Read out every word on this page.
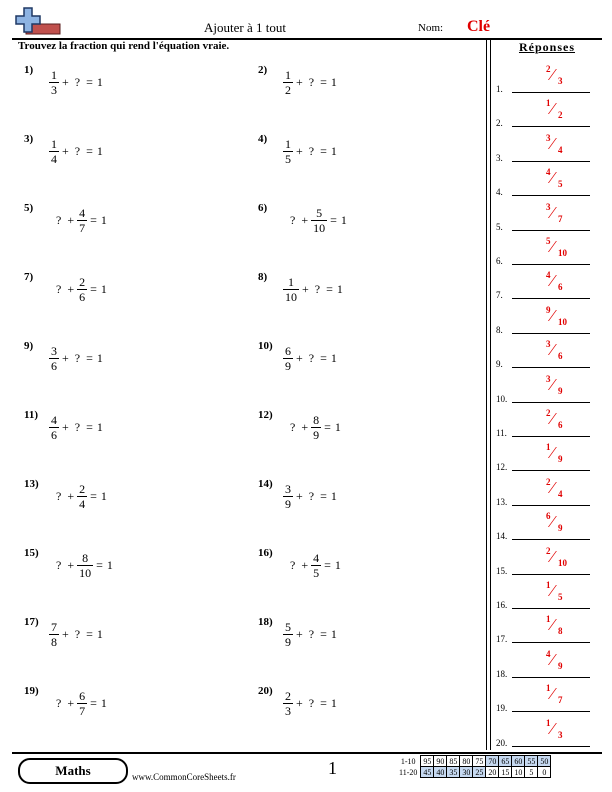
Ajouter à 1 tout	Nom: Clé
Trouvez la fraction qui rend l'équation vraie.	Réponses
$1) \frac{1}{3}$ + ? = 1
$2) \frac{1}{2}$ + ? = 1
$3) \frac{1}{4}$ + ? = 1
$4) \frac{1}{5}$ + ? = 1
5)
? + $\frac{4}{7} = 1$
6)
? + $\frac{5}{10} = 1$
7)
? + $\frac{2}{6} = 1$
$8) \frac{1}{10}$ + ? = 1
$9) \frac{3}{6}$ + ? = 1
$10) \frac{6}{9}$ + ? = 1
$11) \frac{4}{6}$ + ? = 1
12)
? + $\frac{8}{9} = 1$
13)
? + $\frac{2}{4} = 1$
$14) \frac{3}{9}$ + ? = 1
15)
? + $\frac{8}{10} = 1$
16)
? + $\frac{4}{5} = 1$
$17) \frac{7}{8}$ + ? = 1
$18) \frac{5}{9}$ + ? = 1
19)
? + $\frac{6}{7} = 1$
$20) \frac{2}{3}$ + ? = 1
1.
2 ⁄ 3
2.
1 ⁄ 2
3.
3 ⁄ 4
4.
4 ⁄ 5
5.
3 ⁄ 7
6.
5 ⁄ 10
7.
4 ⁄ 6
8.
9 ⁄ 10
9.
3 ⁄ 6
10.
3 ⁄ 9
11.
2 ⁄ 6
12.
1 ⁄ 9
13.
2 ⁄ 4
14.
6 ⁄ 9
15.
2 ⁄ 10
16.
1 ⁄ 5
17.
1 ⁄ 8
18.
4 ⁄ 9
19.
1 ⁄ 7
20.
1 ⁄ 3
Maths	www.CommonCoreSheets.fr	1	1-10	95	90	85	80	75	70	65	60	55	50
11-20	45	40	35	30	25	20	15	10	5	0
